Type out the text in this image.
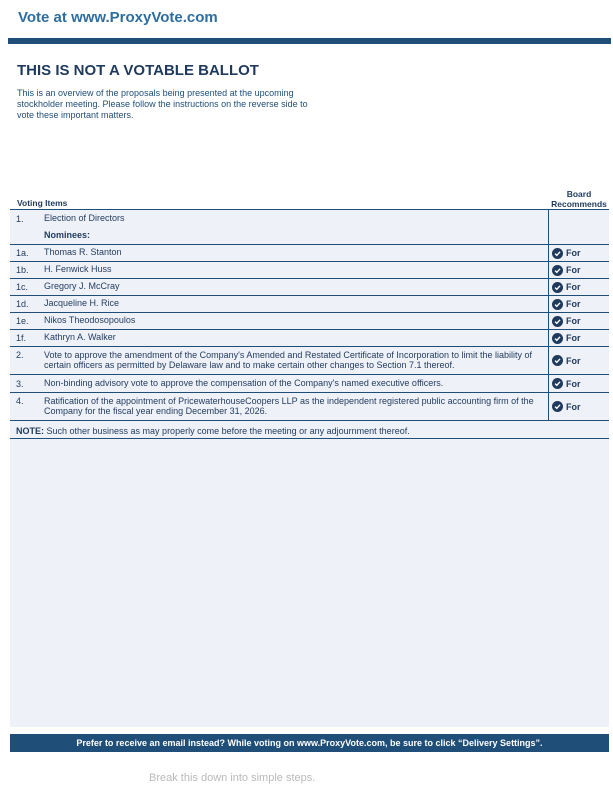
Vote at www.ProxyVote.com
THIS IS NOT A VOTABLE BALLOT
This is an overview of the proposals being presented at the upcoming stockholder meeting. Please follow the instructions on the reverse side to vote these important matters.
Voting Items
Board
Recommends
1.	Election of Directors
Nominees:
1a.	Thomas R. Stanton	For
1b.	H. Fenwick Huss	For
1c.	Gregory J. McCray	For
1d.	Jacqueline H. Rice	For
1e.	Nikos Theodosopoulos	For
1f.	Kathryn A. Walker	For
2.	Vote to approve the amendment of the Company's Amended and Restated Certificate of Incorporation to limit the liability of certain officers as permitted by Delaware law and to make certain other changes to Section 7.1 thereof.	For
3.	Non-binding advisory vote to approve the compensation of the Company's named executive officers.	For
4.	Ratification of the appointment of PricewaterhouseCoopers LLP as the independent registered public accounting firm of the Company for the fiscal year ending December 31, 2026.	For
NOTE: Such other business as may properly come before the meeting or any adjournment thereof.
Prefer to receive an email instead? While voting on www.ProxyVote.com, be sure to click “Delivery Settings”.
Break this down into simple steps.
